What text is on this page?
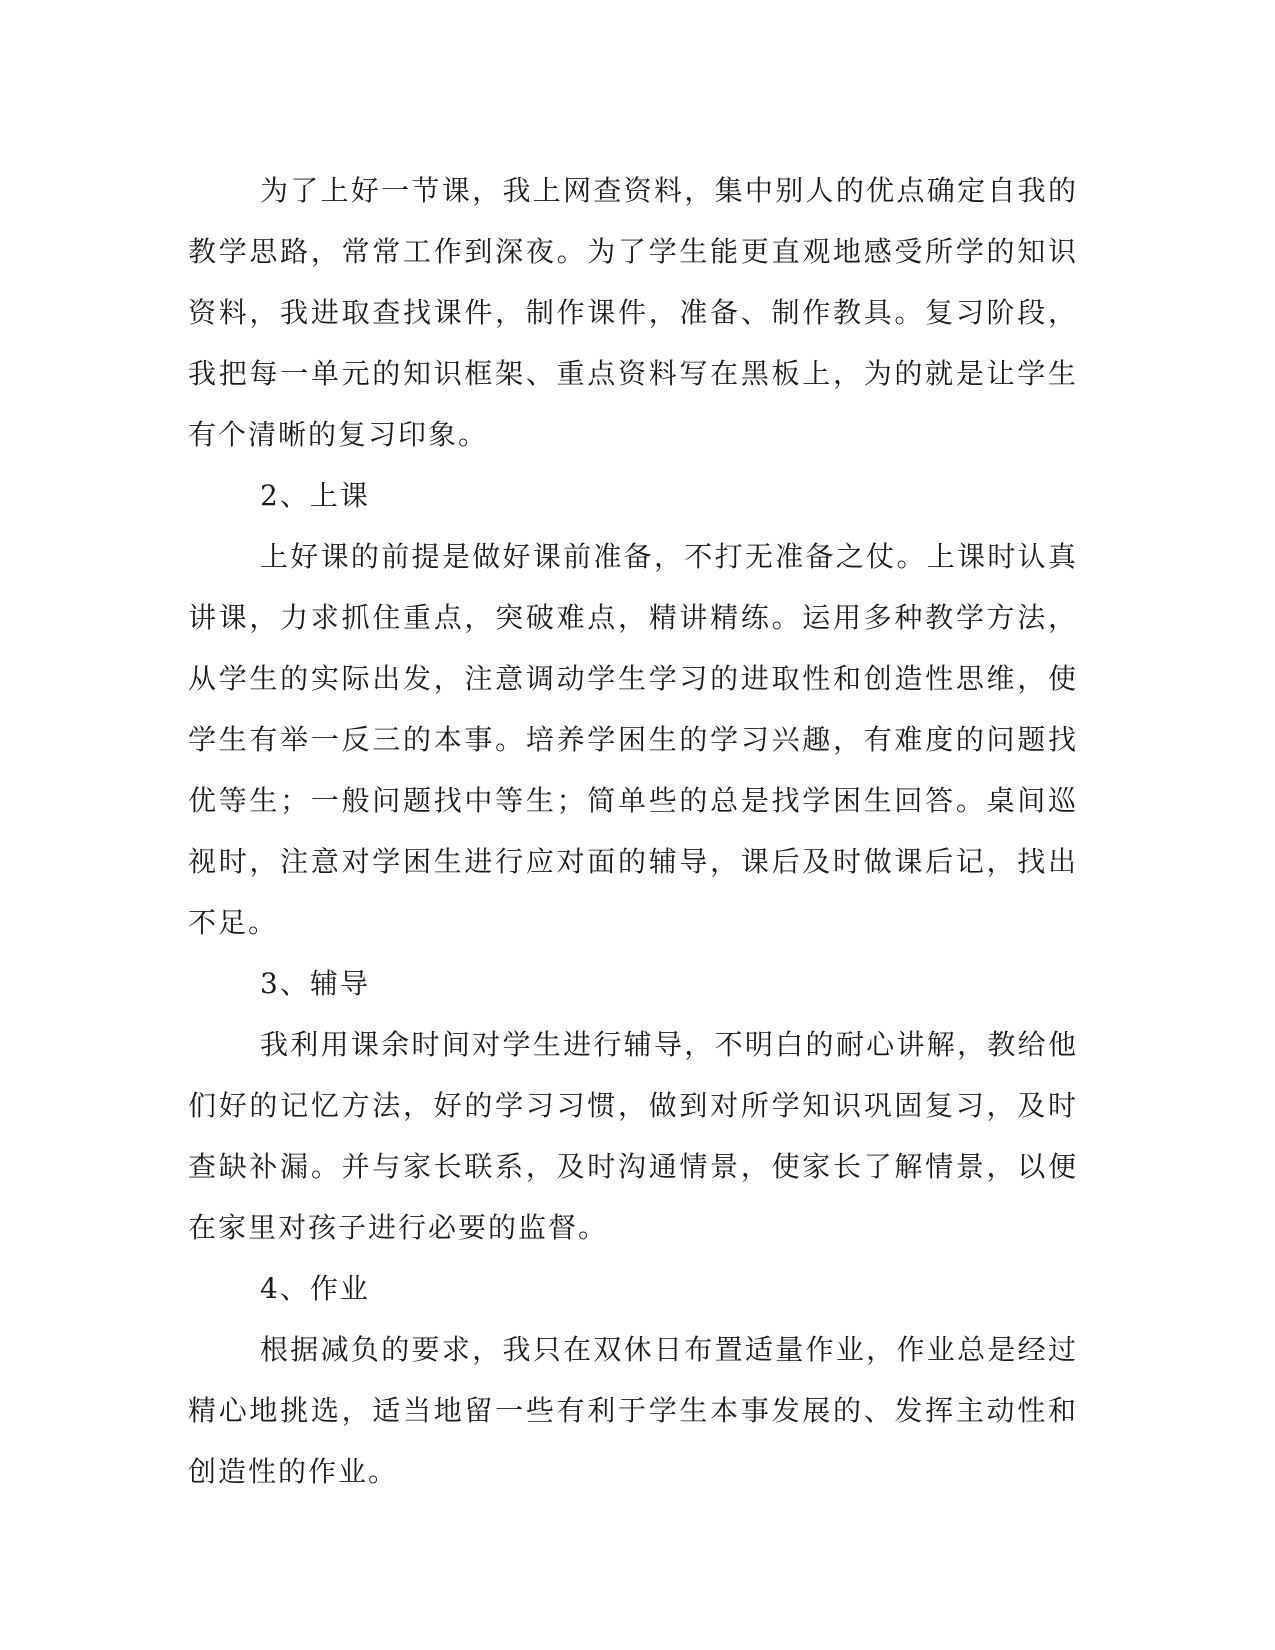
为了上好一节课，我上网查资料，集中别人的优点确定自我的教学思路，常常工作到深夜。为了学生能更直观地感受所学的知识资料，我进取查找课件，制作课件，准备、制作教具。复习阶段，我把每一单元的知识框架、重点资料写在黑板上，为的就是让学生有个清晰的复习印象。

2、上课

上好课的前提是做好课前准备，不打无准备之仗。上课时认真讲课，力求抓住重点，突破难点，精讲精练。运用多种教学方法，从学生的实际出发，注意调动学生学习的进取性和创造性思维，使学生有举一反三的本事。培养学困生的学习兴趣，有难度的问题找优等生；一般问题找中等生；简单些的总是找学困生回答。桌间巡视时，注意对学困生进行应对面的辅导，课后及时做课后记，找出不足。

3、辅导

我利用课余时间对学生进行辅导，不明白的耐心讲解，教给他们好的记忆方法，好的学习习惯，做到对所学知识巩固复习，及时查缺补漏。并与家长联系，及时沟通情景，使家长了解情景，以便在家里对孩子进行必要的监督。

4、作业

根据减负的要求，我只在双休日布置适量作业，作业总是经过精心地挑选，适当地留一些有利于学生本事发展的、发挥主动性和创造性的作业。
